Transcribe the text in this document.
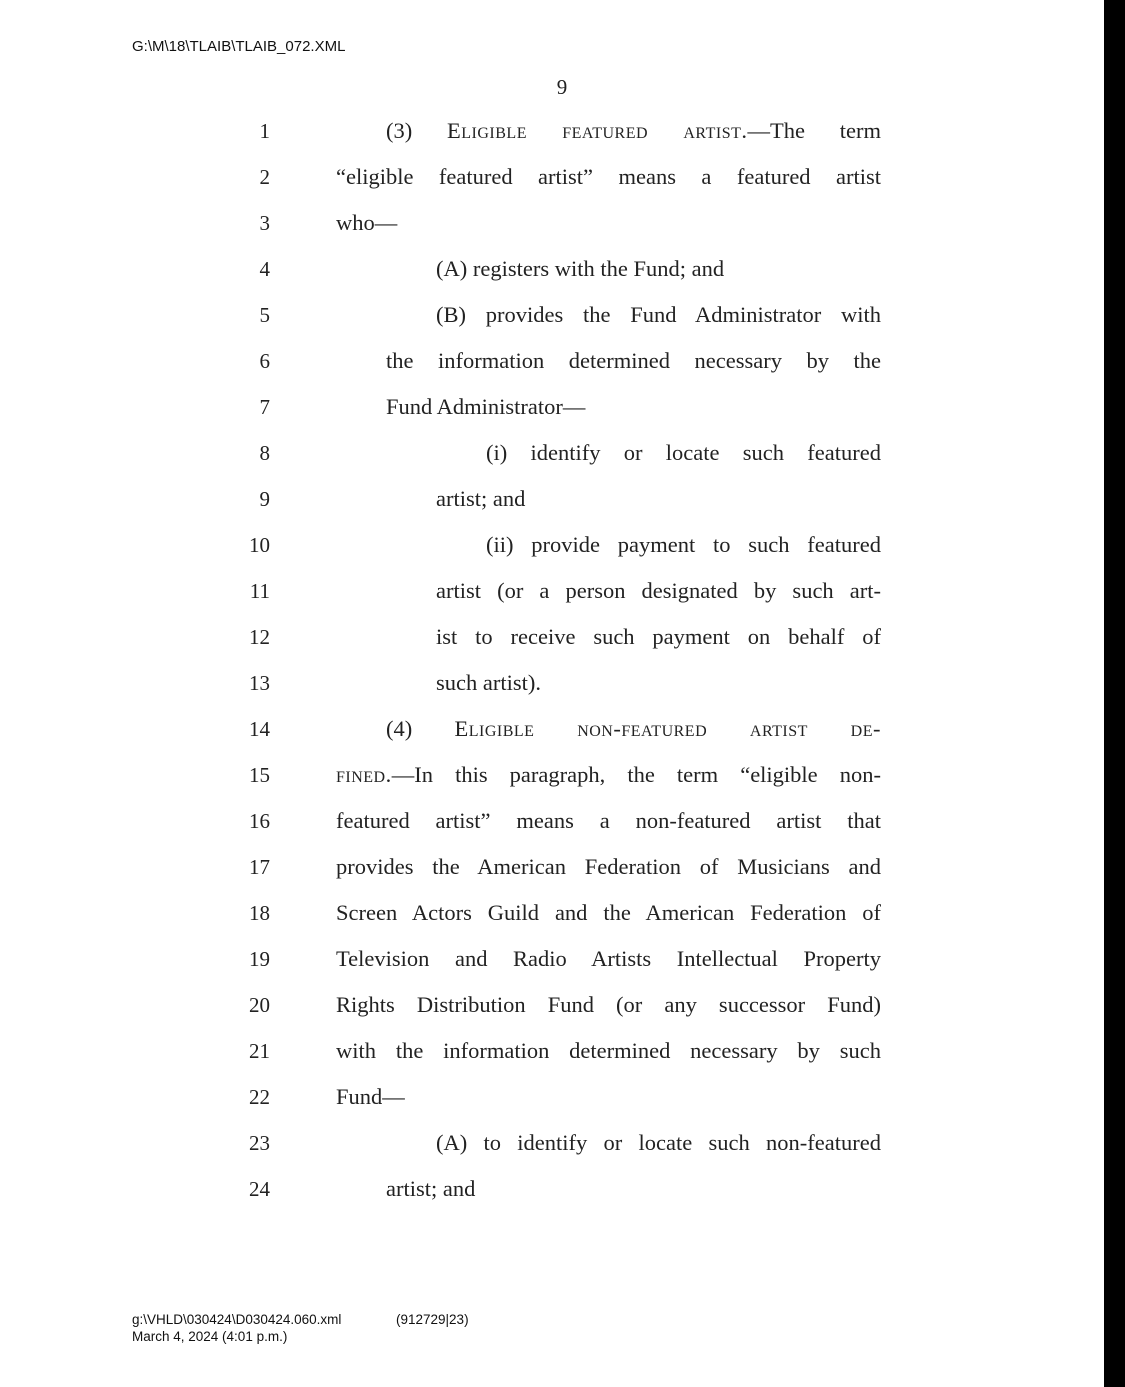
G:\M\18\TLAIB\TLAIB_072.XML
9
1
2
3
4
5
6
7
8
9
10
11
12
13
14
15
16
17
18
19
20
21
22
23
24
(3) Eligible featured artist.—The term
“eligible featured artist” means a featured artist
who—
(A) registers with the Fund; and
(B) provides the Fund Administrator with
the information determined necessary by the
Fund Administrator—
(i) identify or locate such featured
artist; and
(ii) provide payment to such featured
artist (or a person designated by such art-
ist to receive such payment on behalf of
such artist).
(4) Eligible non-featured artist de-
fined.—In this paragraph, the term “eligible non-
featured artist” means a non-featured artist that
provides the American Federation of Musicians and
Screen Actors Guild and the American Federation of
Television and Radio Artists Intellectual Property
Rights Distribution Fund (or any successor Fund)
with the information determined necessary by such
Fund—
(A) to identify or locate such non-featured
artist; and
g:\VHLD\030424\D030424.060.xml
March 4, 2024 (4:01 p.m.)
(912729|23)
